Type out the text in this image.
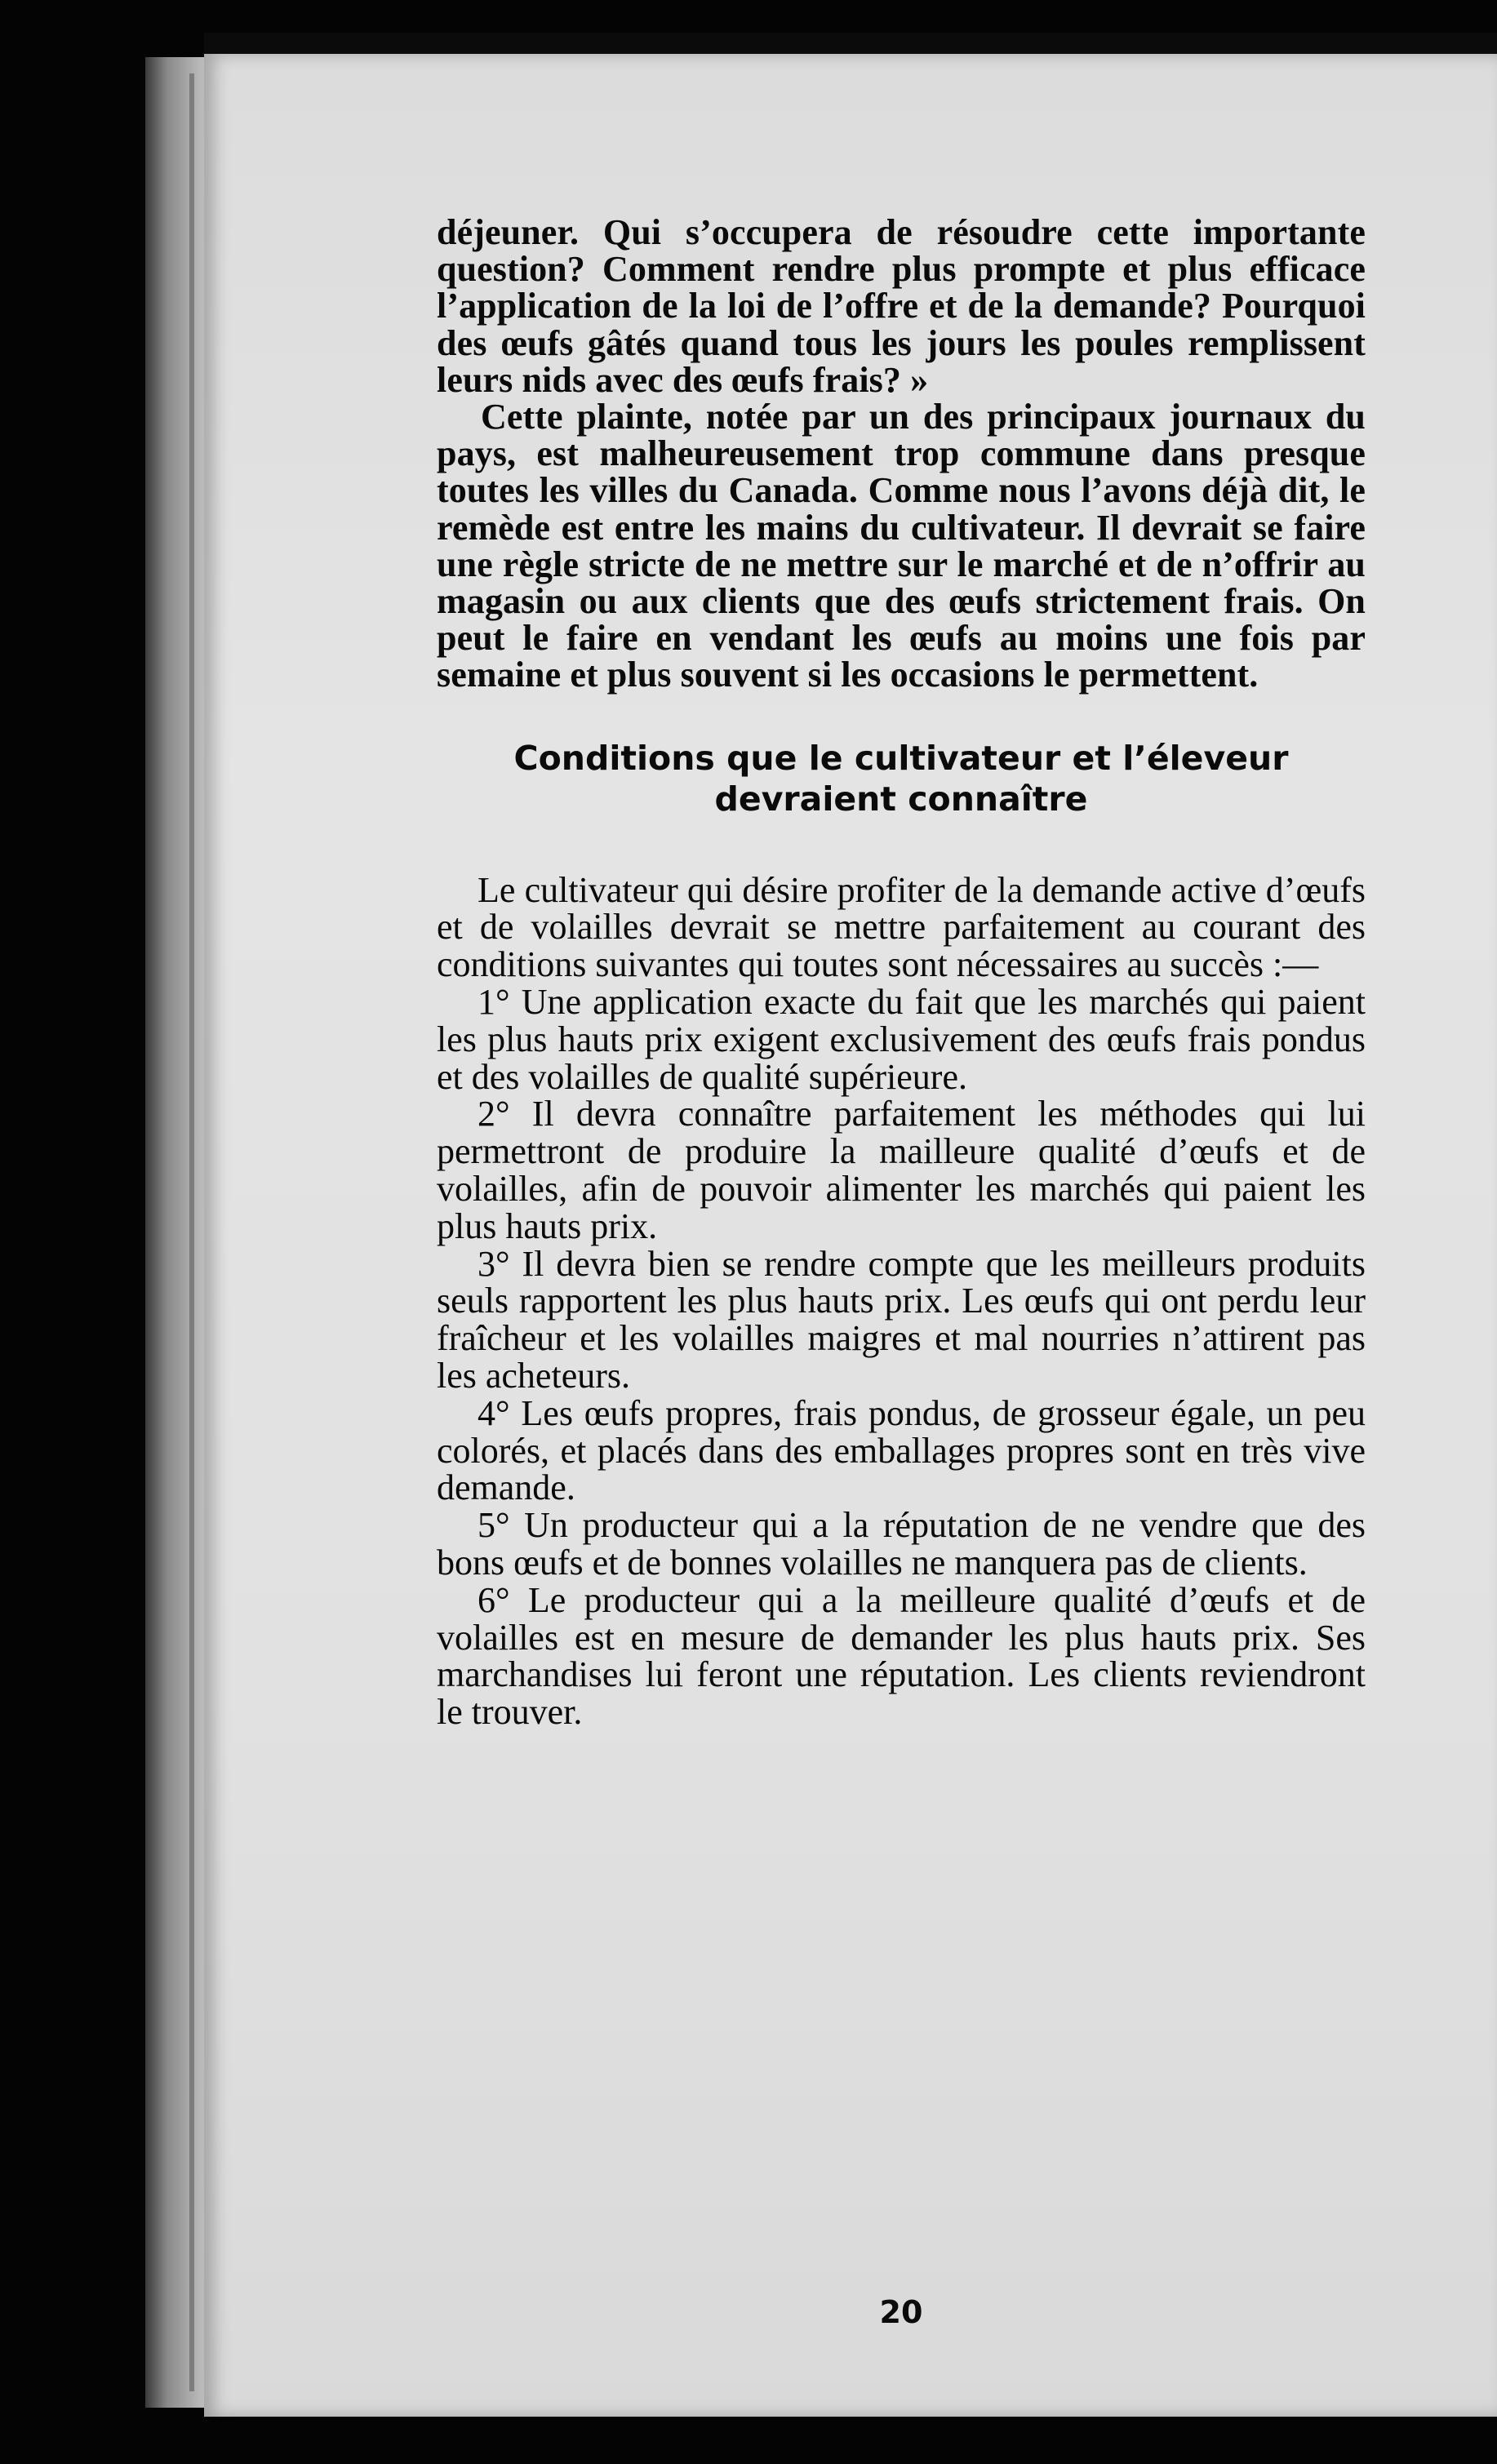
déjeuner. Qui s’occupera de résoudre cette importante question? Comment rendre plus prompte et plus efficace l’application de la loi de l’offre et de la demande? Pourquoi des œufs gâtés quand tous les jours les poules remplissent leurs nids avec des œufs frais? »

Cette plainte, notée par un des principaux journaux du pays, est malheureusement trop commune dans presque toutes les villes du Canada. Comme nous l’avons déjà dit, le remède est entre les mains du cultivateur. Il devrait se faire une règle stricte de ne mettre sur le marché et de n’offrir au magasin ou aux clients que des œufs strictement frais. On peut le faire en vendant les œufs au moins une fois par semaine et plus souvent si les occasions le permettent.

Conditions que le cultivateur et l’éleveur
devraient connaître

Le cultivateur qui désire profiter de la demande active d’œufs et de volailles devrait se mettre parfaitement au courant des conditions suivantes qui toutes sont nécessaires au succès :—

1° Une application exacte du fait que les marchés qui paient les plus hauts prix exigent exclusivement des œufs frais pondus et des volailles de qualité supérieure.

2° Il devra connaître parfaitement les méthodes qui lui permettront de produire la mailleure qualité d’œufs et de volailles, afin de pouvoir alimenter les marchés qui paient les plus hauts prix.

3° Il devra bien se rendre compte que les meilleurs produits seuls rapportent les plus hauts prix. Les œufs qui ont perdu leur fraîcheur et les volailles maigres et mal nourries n’attirent pas les acheteurs.

4° Les œufs propres, frais pondus, de grosseur égale, un peu colorés, et placés dans des emballages propres sont en très vive demande.

5° Un producteur qui a la réputation de ne vendre que des bons œufs et de bonnes volailles ne manquera pas de clients.

6° Le producteur qui a la meilleure qualité d’œufs et de volailles est en mesure de demander les plus hauts prix. Ses marchandises lui feront une réputation. Les clients reviendront le trouver.

20
